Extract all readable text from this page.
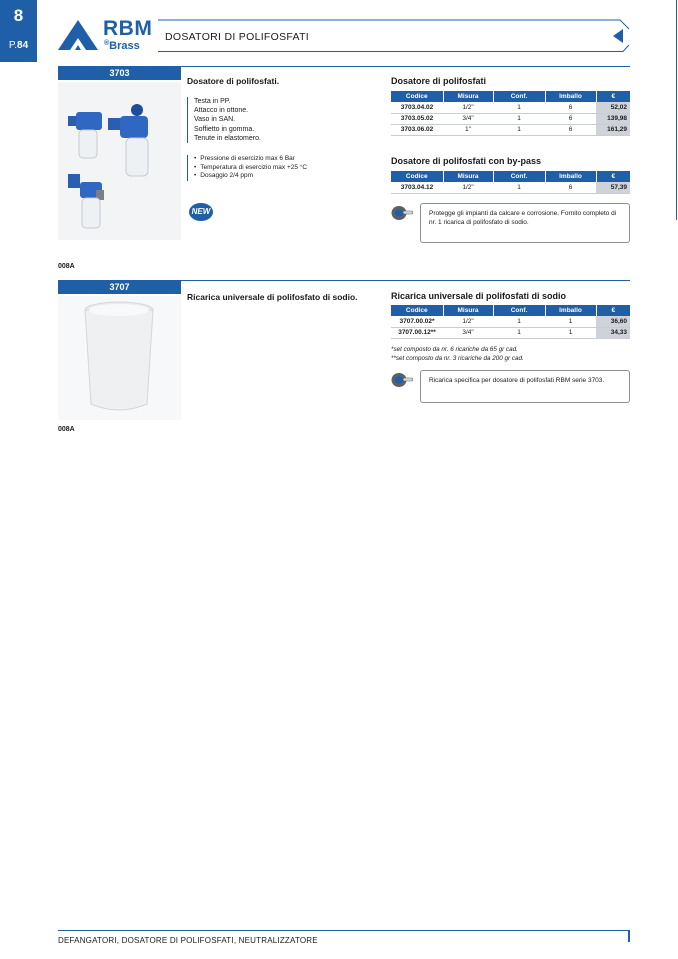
8
P.84
RBM
®Brass
DOSATORI DI POLIFOSFATI
3703
NEW
008A
Dosatore di polifosfati.
Testa in PP.
Attacco in ottone.
Vaso in SAN.
Soffietto in gomma.
Tenute in elastomero.
• Pressione di esercizio max 6 Bar
• Temperatura di esercizio max +25 °C
• Dosaggio 2/4 ppm
Dosatore di polifosfati
Codice	Misura	Conf.	Imballo	€
3703.04.02	1/2"	1	6	52,02
3703.05.02	3/4"	1	6	139,98
3703.06.02	1"	1	6	161,29
Dosatore di polifosfati con by-pass
Codice	Misura	Conf.	Imballo	€
3703.04.12	1/2"	1	6	57,39
Protegge gli impianti da calcare e corrosione. Fornito completo di nr. 1 ricarica di polifosfato di sodio.
3707
008A
Ricarica universale di polifosfato di sodio.	Ricarica universale di polifosfati di sodio
Codice	Misura	Conf.	Imballo	€
3707.00.02*	1/2"	1	1	36,60
3707.00.12**	3/4"	1	1	34,33
*set composto da nr. 6 ricariche da 65 gr cad.
**set composto da nr. 3 ricariche da 200 gr cad.
Ricarica specifica per dosatore di polifosfati RBM serie 3703.
DEFANGATORI, DOSATORE DI POLIFOSFATI, NEUTRALIZZATORE
